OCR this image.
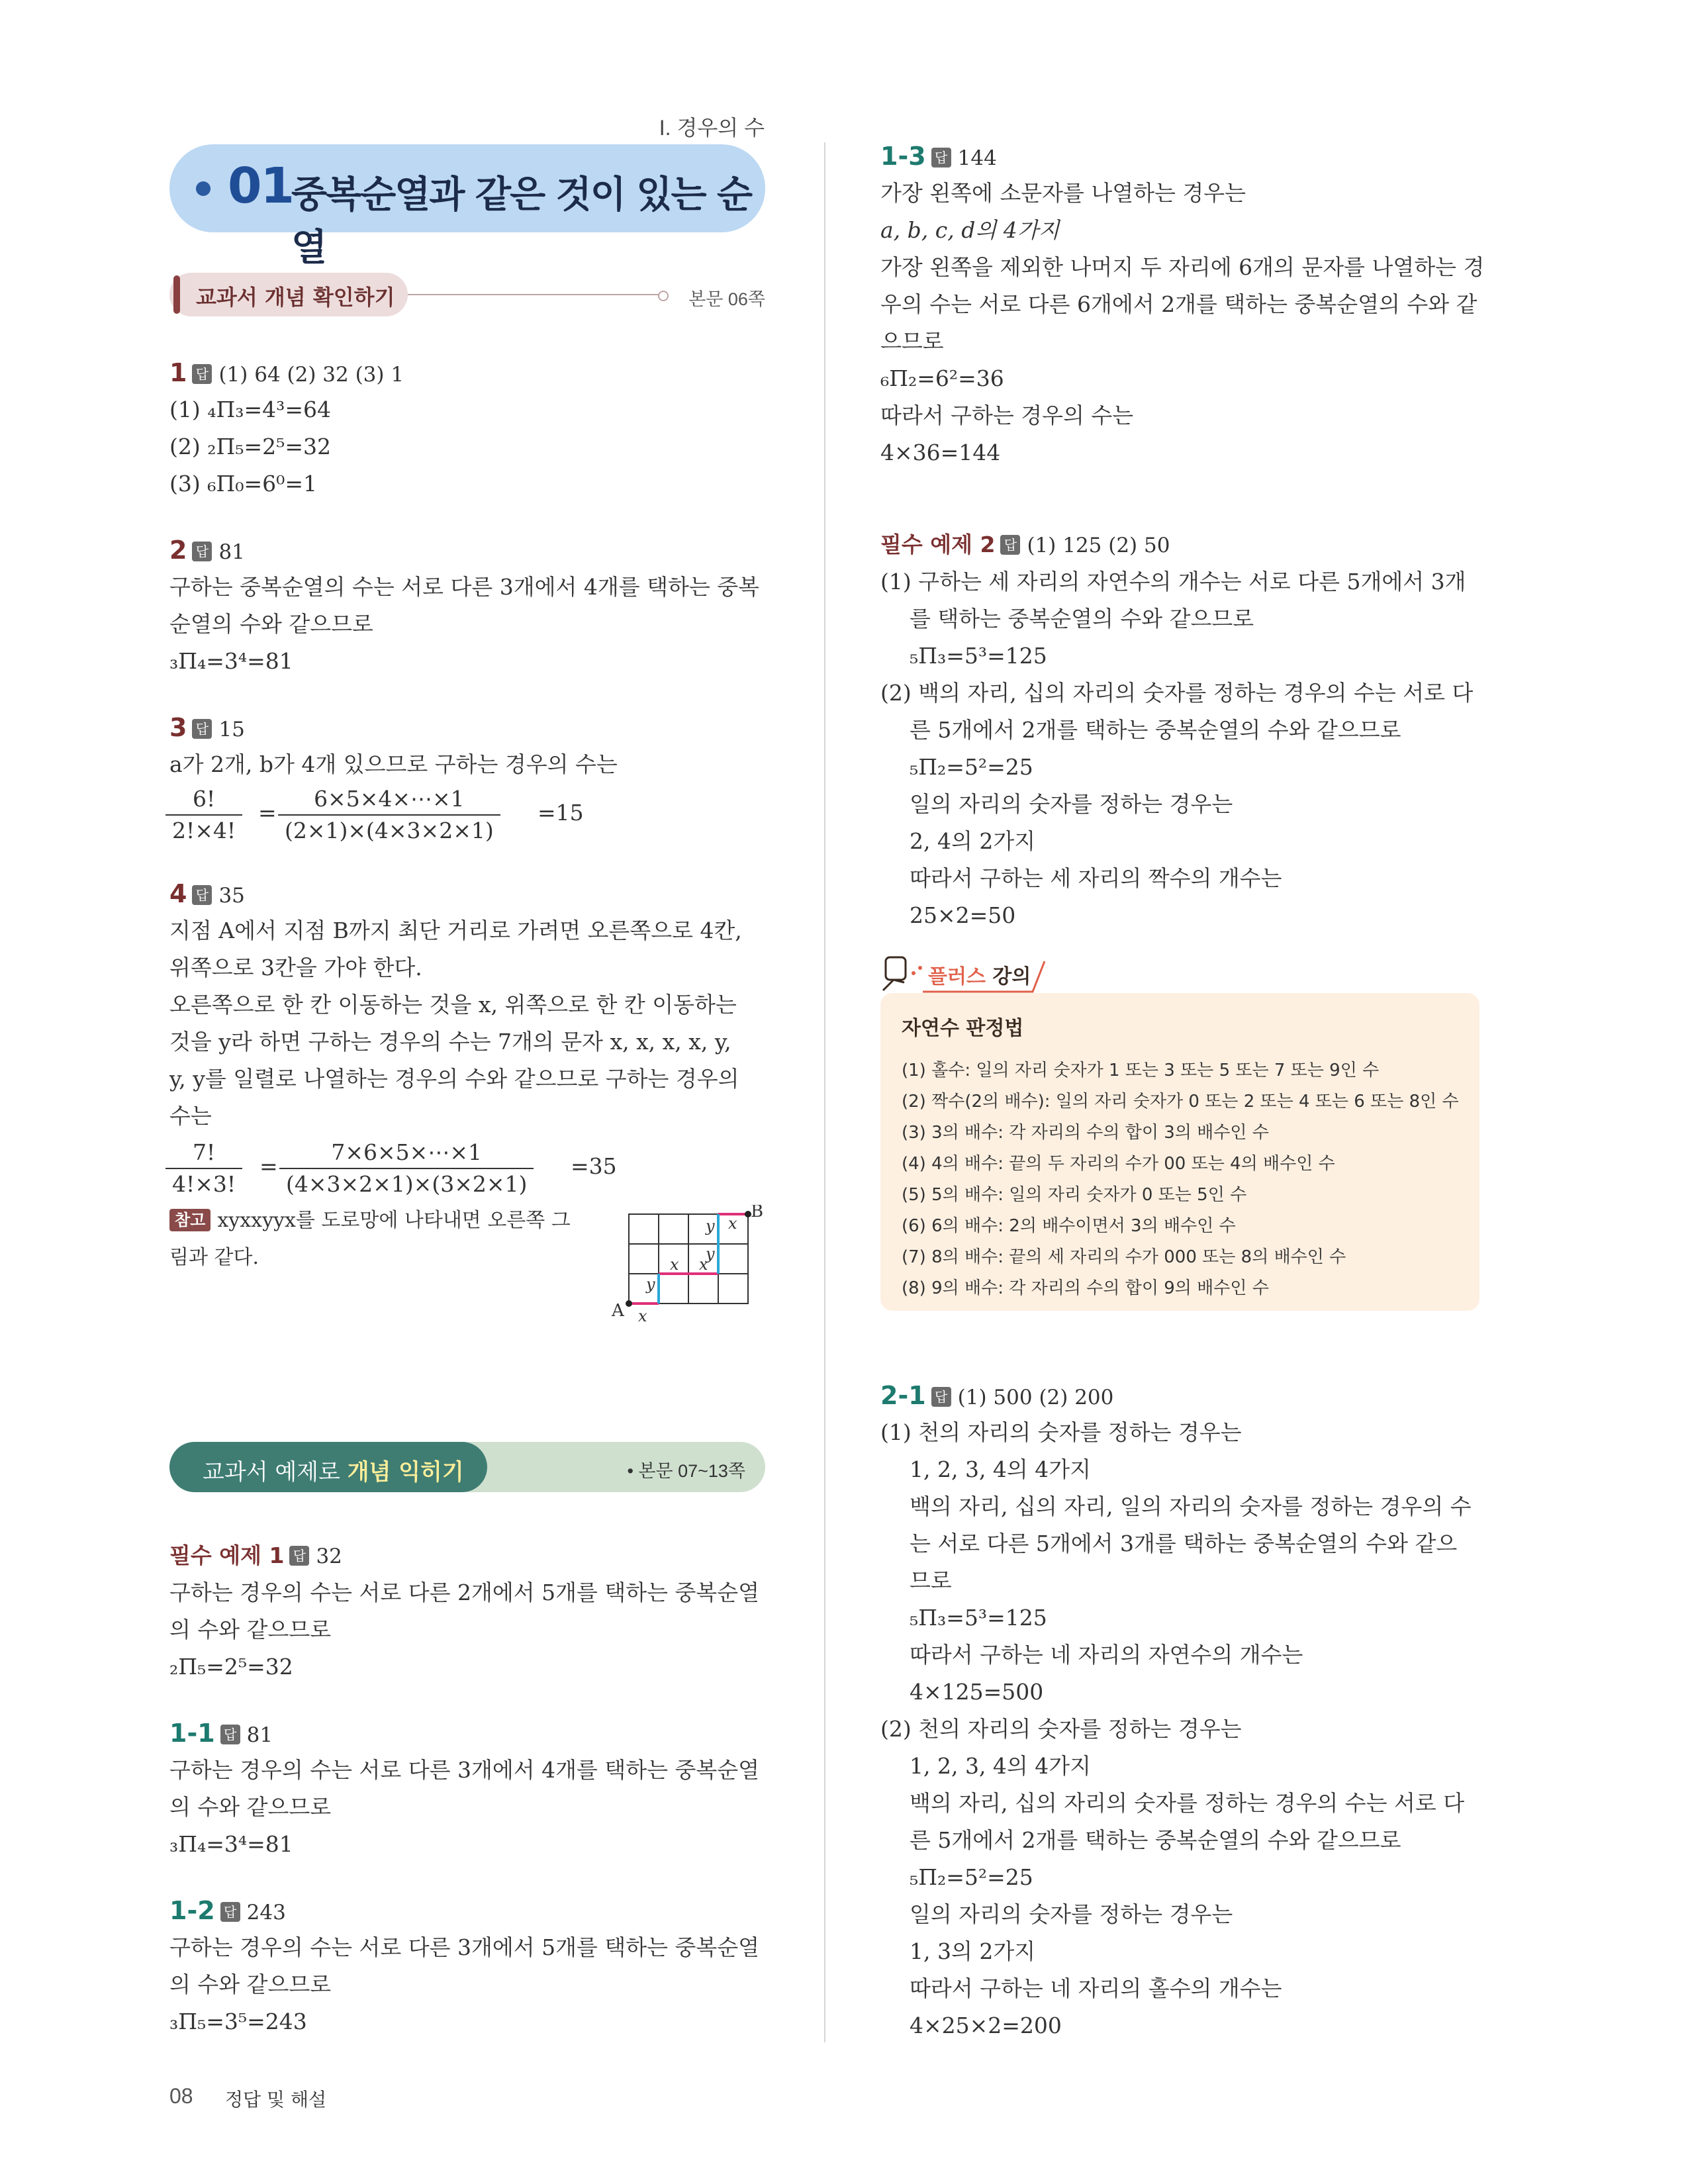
I. 경우의 수
01
중복순열과 같은 것이 있는 순열
교과서 개념 확인하기	본문 06쪽
1 답 (1) 64 (2) 32 (3) 1
(1) ₄Π₃=4³=64
(2) ₂Π₅=2⁵=32
(3) ₆Π₀=6⁰=1
2 답 81
구하는 중복순열의 수는 서로 다른 3개에서 4개를 택하는 중복
순열의 수와 같으므로
₃Π₄=3⁴=81
3 답 15
a가 2개, b가 4개 있으므로 구하는 경우의 수는
$\frac{6!}{2!\times 4!} = \frac{6\times 5\times 4\times\cdots\times 1}{(2\times 1)\times(4\times 3\times 2\times 1)} =15$
4 답 35
지점 A에서 지점 B까지 최단 거리로 가려면 오른쪽으로 4칸,
위쪽으로 3칸을 가야 한다.
오른쪽으로 한 칸 이동하는 것을 x, 위쪽으로 한 칸 이동하는
것을 y라 하면 구하는 경우의 수는 7개의 문자 x, x, x, x, y,
y, y를 일렬로 나열하는 경우의 수와 같으므로 구하는 경우의
수는
$\frac{7!}{4!\times 3!} = \frac{7\times 6\times 5\times\cdots\times 1}{(4\times 3\times 2\times 1)\times(3\times 2\times 1)} =35$
참고 xyxxyyx를 도로망에 나타내면 오른쪽 그
림과 같다.
A
B
x
y
x x
y
y x
교과서 예제로 개념 익히기	• 본문 07~13쪽
필수 예제 1 답 32
구하는 경우의 수는 서로 다른 2개에서 5개를 택하는 중복순열
의 수와 같으므로
₂Π₅=2⁵=32
1-1 답 81
구하는 경우의 수는 서로 다른 3개에서 4개를 택하는 중복순열
의 수와 같으므로
₃Π₄=3⁴=81
1-2 답 243
구하는 경우의 수는 서로 다른 3개에서 5개를 택하는 중복순열
의 수와 같으므로
₃Π₅=3⁵=243
1-3 답 144
가장 왼쪽에 소문자를 나열하는 경우는
a, b, c, d의 4가지
가장 왼쪽을 제외한 나머지 두 자리에 6개의 문자를 나열하는 경
우의 수는 서로 다른 6개에서 2개를 택하는 중복순열의 수와 같
으므로
₆Π₂=6²=36
따라서 구하는 경우의 수는
4×36=144
필수 예제 2 답 (1) 125 (2) 50
(1) 구하는 세 자리의 자연수의 개수는 서로 다른 5개에서 3개
를 택하는 중복순열의 수와 같으므로
₅Π₃=5³=125
(2) 백의 자리, 십의 자리의 숫자를 정하는 경우의 수는 서로 다
른 5개에서 2개를 택하는 중복순열의 수와 같으므로
₅Π₂=5²=25
일의 자리의 숫자를 정하는 경우는
2, 4의 2가지
따라서 구하는 세 자리의 짝수의 개수는
25×2=50
플러스 강의
자연수 판정법
(1) 홀수: 일의 자리 숫자가 1 또는 3 또는 5 또는 7 또는 9인 수
(2) 짝수(2의 배수): 일의 자리 숫자가 0 또는 2 또는 4 또는 6 또는 8인 수
(3) 3의 배수: 각 자리의 수의 합이 3의 배수인 수
(4) 4의 배수: 끝의 두 자리의 수가 00 또는 4의 배수인 수
(5) 5의 배수: 일의 자리 숫자가 0 또는 5인 수
(6) 6의 배수: 2의 배수이면서 3의 배수인 수
(7) 8의 배수: 끝의 세 자리의 수가 000 또는 8의 배수인 수
(8) 9의 배수: 각 자리의 수의 합이 9의 배수인 수
2-1 답 (1) 500 (2) 200
(1) 천의 자리의 숫자를 정하는 경우는
1, 2, 3, 4의 4가지
백의 자리, 십의 자리, 일의 자리의 숫자를 정하는 경우의 수
는 서로 다른 5개에서 3개를 택하는 중복순열의 수와 같으
므로
₅Π₃=5³=125
따라서 구하는 네 자리의 자연수의 개수는
4×125=500
(2) 천의 자리의 숫자를 정하는 경우는
1, 2, 3, 4의 4가지
백의 자리, 십의 자리의 숫자를 정하는 경우의 수는 서로 다
른 5개에서 2개를 택하는 중복순열의 수와 같으므로
₅Π₂=5²=25
일의 자리의 숫자를 정하는 경우는
1, 3의 2가지
따라서 구하는 네 자리의 홀수의 개수는
4×25×2=200
08 정답 및 해설
